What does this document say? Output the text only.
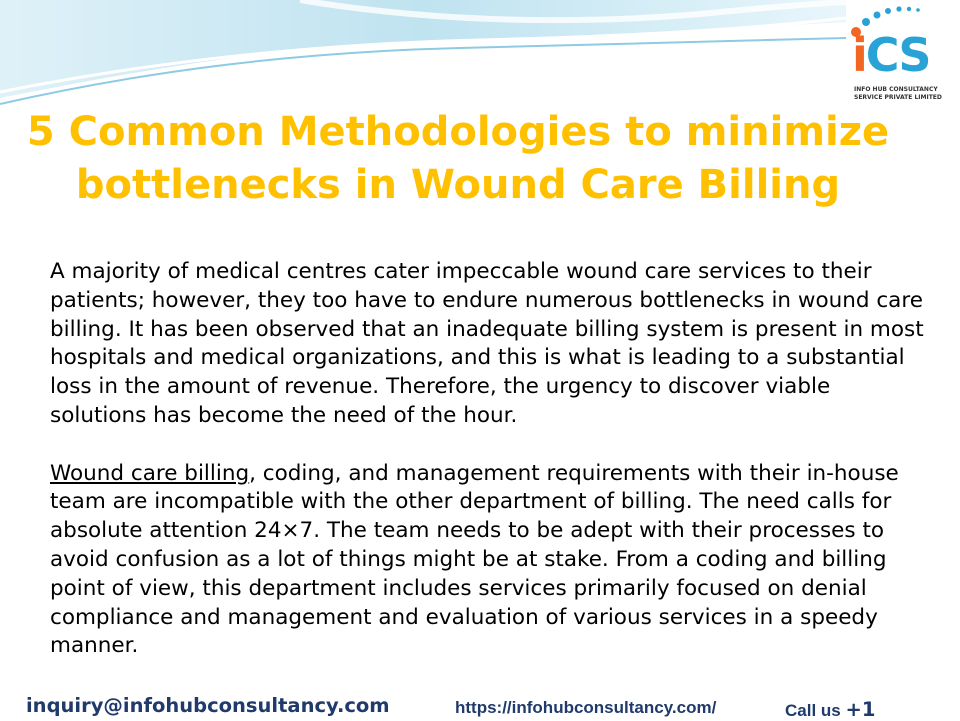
iCS
INFO HUB CONSULTANCY
SERVICE PRIVATE LIMITED
5 Common Methodologies to minimize
bottlenecks in Wound Care Billing

A majority of medical centres cater impeccable wound care services to their patients; however, they too have to endure numerous bottlenecks in wound care billing. It has been observed that an inadequate billing system is present in most hospitals and medical organizations, and this is what is leading to a substantial loss in the amount of revenue. Therefore, the urgency to discover viable solutions has become the need of the hour.

Wound care billing, coding, and management requirements with their in-house team are incompatible with the other department of billing. The need calls for absolute attention 24×7. The team needs to be adept with their processes to avoid confusion as a lot of things might be at stake. From a coding and billing point of view, this department includes services primarily focused on denial compliance and management and evaluation of various services in a speedy manner.

inquiry@infohubconsultancy.com	https://infohubconsultancy.com/	Call us +1
